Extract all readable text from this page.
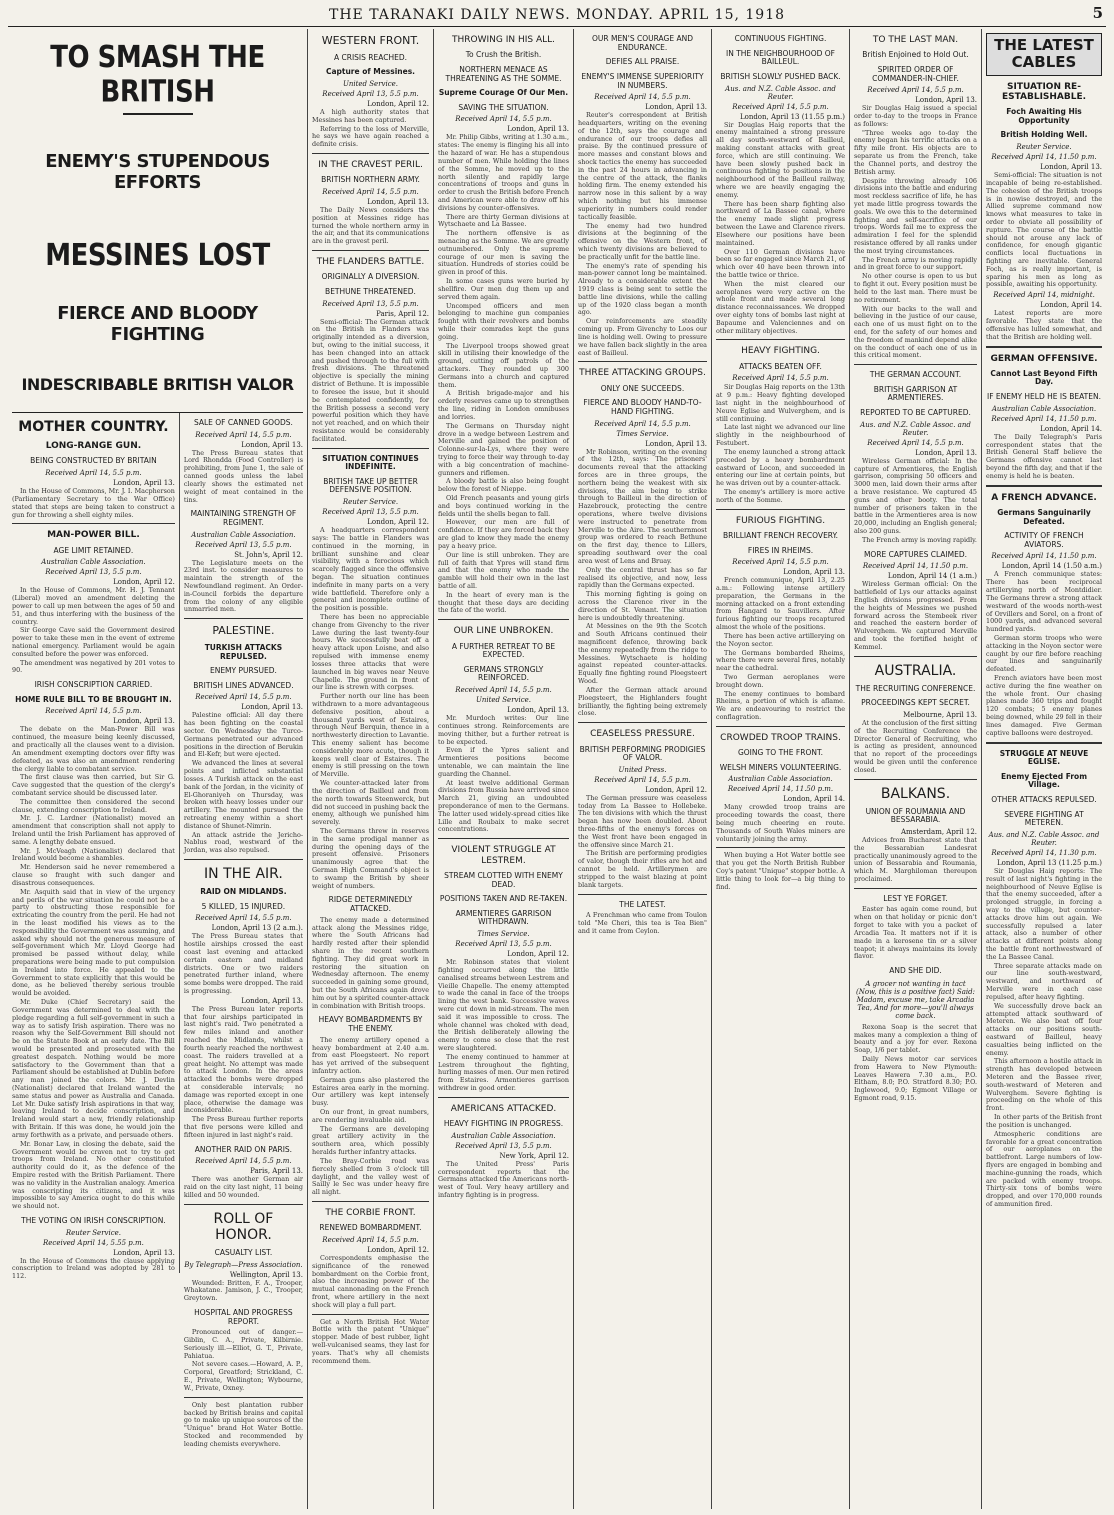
THE TARANAKI DAILY NEWS. MONDAY. APRIL 15, 1918	5
TO SMASH THE BRITISH
ENEMY'S STUPENDOUS EFFORTS
MESSINES LOST
FIERCE AND BLOODY FIGHTING
INDESCRIBABLE BRITISH VALOR
MOTHER COUNTRY.
LONG-RANGE GUN.
BEING CONSTRUCTED BY BRITAIN
Received April 14, 5.5 p.m.
London, April 13.

In the House of Commons, Mr. J. I. Macpherson (Parliamentary Secretary to the War Office) stated that steps are being taken to construct a gun for throwing a shell eighty miles.

MAN-POWER BILL.
AGE LIMIT RETAINED.
Australian Cable Association.
Received April 13, 5.5 p.m.
London, April 12.

In the House of Commons, Mr. H. J. Tennant (Liberal) moved an amendment deleting the power to call up men between the ages of 50 and 51, and thus interfering with the business of the country.

Sir George Cave said the Government desired power to take these men in the event of extreme national emergency. Parliament would be again consulted before the power was enforced.

The amendment was negatived by 201 votes to 90.

IRISH CONSCRIPTION CARRIED.
HOME RULE BILL TO BE BROUGHT IN.
Received April 14, 5.5 p.m.
London, April 13.

The debate on the Man-Power Bill was continued, the measure being keenly discussed, and practically all the clauses went to a division. An amendment exempting doctors over fifty was defeated, as was also an amendment rendering the clergy liable to combatant service.

The first clause was then carried, but Sir G. Cave suggested that the question of the clergy's combatant service should be discussed later.

The committee then considered the second clause, extending conscription to Ireland.

Mr. J. C. Lardner (Nationalist) moved an amendment that conscription shall not apply to Ireland until the Irish Parliament has approved of same. A lengthy debate ensued.

Mr. J. McVeagh (Nationalist) declared that Ireland would become a shambles.

Mr. Henderson said he never remembered a clause so fraught with such danger and disastrous consequences.

Mr. Asquith said that in view of the urgency and perils of the war situation he could not be a party to obstructing those responsible for extricating the country from the peril. He had not in the least modified his views as to the responsibility the Government was assuming, and asked why should not the generous measure of self-government which Mr. Lloyd George had promised be passed without delay, while preparations were being made to put compulsion in Ireland into force. He appealed to the Government to state explicitly that this would be done, as he believed thereby serious trouble would be avoided.

Mr. Duke (Chief Secretary) said the Government was determined to deal with the pledge regarding a full self-government in such a way as to satisfy Irish aspiration. There was no reason why the Self-Government Bill should not be on the Statute Book at an early date. The Bill would be presented and prosecuted with the greatest despatch. Nothing would be more satisfactory to the Government than that a Parliament should be established at Dublin before any man joined the colors. Mr. J. Devlin (Nationalist) declared that Ireland wanted the same status and power as Australia and Canada. Let Mr. Duke satisfy Irish aspirations in that way, leaving Ireland to decide conscription, and Ireland would start a new, friendly relationship with Britain. If this was done, he would join the army forthwith as a private, and persuade others.

Mr. Bonar Law, in closing the debate, said the Government would be craven not to try to get troops from Ireland. No other constituted authority could do it, as the defence of the Empire rested with the British Parliament. There was no validity in the Australian analogy. America was conscripting its citizens, and it was impossible to say America ought to do this while we should not.

THE VOTING ON IRISH CONSCRIPTION.
Reuter Service.
Received April 14, 5.55 p.m.
London, April 13.

In the House of Commons the clause applying conscription to Ireland was adopted by 281 to 112.

SALE OF CANNED GOODS.
Received April 14, 5.5 p.m.
London, April 13.

The Press Bureau states that Lord Rhondda (Food Controller) is prohibiting, from June 1, the sale of canned goods unless the label clearly shows the estimated net weight of meat contained in the tins.

MAINTAINING STRENGTH OF REGIMENT.
Australian Cable Association.
Received April 13, 5.5 p.m.
St. John's, April 12.

The Legislature meets on the 23rd inst. to consider measures to maintain the strength of the Newfoundland regiment. An Order-in-Council forbids the departure from the colony of any eligible unmarried men.

PALESTINE.
TURKISH ATTACKS REPULSED.
ENEMY PURSUED.
BRITISH LINES ADVANCED.
Received April 14, 5.5 p.m.
London, April 13.

Palestine official: All day there has been fighting on the coastal sector. On Wednesday the Turco-Germans penetrated our advanced positions in the direction of Berukin and El-Kefr, but were ejected.

We advanced the lines at several points and inflicted substantial losses. A Turkish attack on the east bank of the Jordan, in the vicinity of El-Ghoraniyeh on Thursday, was broken with heavy losses under our artillery. The mounted pursued the retreating enemy within a short distance of Shunet-Nimrin.

An attack astride the Jericho-Nablus road, westward of the Jordan, was also repulsed.

IN THE AIR.
RAID ON MIDLANDS.
5 KILLED, 15 INJURED.
Received April 14, 5.5 p.m.
London, April 13 (2 a.m.).

The Press Bureau states that hostile airships crossed the east coast last evening and attacked certain eastern and midland districts. One or two raiders penetrated further inland, where some bombs were dropped. The raid is progressing.

London, April 13.

The Press Bureau later reports that four airships participated in last night's raid. Two penetrated a few miles inland and another reached the Midlands, whilst a fourth nearly reached the northwest coast. The raiders travelled at a great height. No attempt was made to attack London. In the areas attacked the bombs were dropped at considerable intervals; no damage was reported except in one place, otherwise the damage was inconsiderable.

The Press Bureau further reports that five persons were killed and fifteen injured in last night's raid.

ANOTHER RAID ON PARIS.
Received April 14, 5.5 p.m.
Paris, April 13.

There was another German air raid on the city last night, 11 being killed and 50 wounded.

ROLL OF HONOR.
CASUALTY LIST.
By Telegraph—Press Association.
Wellington, April 13.

Wounded: Britten, F. A., Trooper, Whakatane. Jamison, J. C., Trooper, Greytown.

HOSPITAL AND PROGRESS REPORT.

Pronounced out of danger.—Giblin, C. A., Private, Kilbirnie. Seriously ill.—Elliot, G. T., Private, Pahiatua.

Not severe cases.—Howard, A. P., Corporal, Greatford; Strickland, C. E., Private, Wellington; Wybourne, W., Private, Oxney.

Only best plantation rubber backed by British brains and capital go to make up unique sources of the "Unique" brand Hot Water Bottle. Stocked and recommended by leading chemists everywhere.

WESTERN FRONT.
A CRISIS REACHED.
Capture of Messines.
United Service.
Received April 13, 5.5 p.m.
London, April 12.

A high authority states that Messines has been captured.

Referring to the loss of Merville, he says we have again reached a definite crisis.

IN THE CRAVEST PERIL.
BRITISH NORTHERN ARMY.
Received April 14, 5.5 p.m.
London, April 13.

The Daily News considers the position at Messines ridge has turned the whole northern army in the air, and that its communications are in the gravest peril.

THE FLANDERS BATTLE.
ORIGINALLY A DIVERSION.
BETHUNE THREATENED.
Received April 13, 5.5 p.m.
Paris, April 12.

Semi-official: The German attack on the British in Flanders was originally intended as a diversion, but, owing to the initial success, it has been changed into an attack and pushed through to the full with fresh divisions. The threatened objective is specially the mining district of Bethune. It is impossible to foresee the issue, but it should be contemplated confidently, for the British possess a second very powerful position which they have not yet reached, and on which their resistance would be considerably facilitated.

SITUATION CONTINUES INDEFINITE.
BRITISH TAKE UP BETTER DEFENSIVE POSITION.
Reuter Service.
Received April 13, 5.5 p.m.
London, April 12.

A headquarters correspondent says: The battle in Flanders was continued in the morning, in brilliant sunshine and clear visibility, with a ferocious which scarcely flagged since the offensive began. The situation continues indefinite in many parts on a very wide battlefield. Therefore only a general and incomplete outline of the position is possible.

There has been no appreciable change from Givenchy to the river Lawe during the last twenty-four hours. We successfully beat off a heavy attack upon Loisne, and also repulsed with immense enemy losses three attacks that were launched in big waves near Neuve Chapelle. The ground in front of our line is strewn with corpses.

Further north our line has been withdrawn to a more advantageous defensive position, about a thousand yards west of Estaires, through Neuf Berquin, thence in a northwesterly direction to Lavantie. This enemy salient has become considerably more acute, though it keeps well clear of Estaires. The enemy is still pressing on the town of Merville.

We counter-attacked later from the direction of Bailleul and from the north towards Steenwerck, but did not succeed in pushing back the enemy, although we punished him severely.

The Germans threw in reserves in the same prodigal manner as during the opening days of the present offensive. Prisoners unanimously agree that the German High Command's object is to swamp the British by sheer weight of numbers.

RIDGE DETERMINEDLY ATTACKED.

The enemy made a determined attack along the Messines ridge, where the South Africans had hardly rested after their splendid share in the recent southern fighting. They did great work in restoring the situation on Wednesday afternoon. The enemy succeeded in gaining some ground, but the South Africans again drove him out by a spirited counter-attack in combination with British troops.

HEAVY BOMBARDMENTS BY THE ENEMY.

The enemy artillery opened a heavy bombardment at 2.40 a.m. from east Ploegsteert. No report has yet arrived of the subsequent infantry action.

German guns also plastered the Estaires area early in the morning. Our artillery was kept intensely busy.

On our front, in great numbers, are rendering invaluable aid.

The Germans are developing great artillery activity in the southern area, which possibly heralds further infantry attacks.

The Bray-Corbie road was fiercely shelled from 3 o'clock till daylight, and the valley west of Sailly le Sec was under heavy fire all night.

THE CORBIE FRONT.
RENEWED BOMBARDMENT.
Received April 14, 5.5 p.m.
London, April 12.

Correspondents emphasise the significance of the renewed bombardment on the Corbie front, also the increasing power of the mutual cannonading on the French front, where artillery in the next shock will play a full part.

Get a North British Hot Water Bottle with the patent "Unique" stopper. Made of best rubber, light well-vulcanised seams, they last for years. That's why all chemists recommend them.

THROWING IN HIS ALL.
To Crush the British.
NORTHERN MENACE AS THREATENING AS THE SOMME.
Supreme Courage Of Our Men.
SAVING THE SITUATION.
Received April 14, 5.5 p.m.
London, April 13.

Mr. Philip Gibbs, writing at 1.30 a.m., states: The enemy is flinging his all into the hazard of war. He has a stupendous number of men. While holding the lines of the Somme, he moved up to the north silently and rapidly large concentrations of troops and guns in order to crush the British before French and American were able to draw off his divisions by counter-offensives.

There are thirty German divisions at Wytschaete and La Bassee.

The northern offensive is as menacing as the Somme. We are greatly outnumbered. Only the supreme courage of our men is saving the situation. Hundreds of stories could be given in proof of this.

In some cases guns were buried by shellfire. Our men dug them up and served them again.

Uncomped officers and men belonging to machine gun companies fought with their revolvers and bombs while their comrades kept the guns going.

The Liverpool troops showed great skill in utilising their knowledge of the ground, cutting off patrols of the attackers. They rounded up 300 Germans into a church and captured them.

A British brigade-major and his orderly reserves came up to strengthen the line, riding in London omnibuses and lorries.

The Germans on Thursday night drove in a wedge between Lestrem and Merville and gained the position of Colonne-sur-la-Lys, where they were trying to force their way through to-day with a big concentration of machine-gunners and riflemen.

A bloody battle is also being fought below the forest of Nieppe.

Old French peasants and young girls and boys continued working in the fields until the shells began to fall.

However, our men are full of confidence. If they are forced back they are glad to know they made the enemy pay a heavy price.

Our line is still unbroken. They are full of faith that Ypres will stand firm and that the enemy who made the gamble will hold their own in the last battle of all.

In the heart of every man is the thought that these days are deciding the fate of the world.

OUR LINE UNBROKEN.
A FURTHER RETREAT TO BE EXPECTED.
GERMANS STRONGLY REINFORCED.
Received April 14, 5.5 p.m.
United Service.
London, April 13.

Mr. Murdoch writes: Our line continues strong. Reinforcements are moving thither, but a further retreat is to be expected.

Even if the Ypres salient and Armentieres positions become untenable, we can maintain the line guarding the Channel.

At least twelve additional German divisions from Russia have arrived since March 21, giving an undoubted preponderance of men to the Germans. The latter used widely-spread cities like Lille and Roubaix to make secret concentrations.

VIOLENT STRUGGLE AT LESTREM.
STREAM CLOTTED WITH ENEMY DEAD.
POSITIONS TAKEN AND RE-TAKEN.
ARMENTIERES GARRISON WITHDRAWN.
Times Service.
Received April 13, 5.5 p.m.
London, April 12.

Mr. Robinson states that violent fighting occurred along the little canalised streams between Lestrem and Vieille Chapelle. The enemy attempted to wade the canal in face of the troops lining the west bank. Successive waves were cut down in mid-stream. The men said it was impossible to cross. The whole channel was choked with dead, the British deliberately allowing the enemy to come so close that the rest were slaughtered.

The enemy continued to hammer at Lestrem throughout the fighting, hurling masses of men. Our men retired from Estaires. Armentieres garrison withdrew in good order.

AMERICANS ATTACKED.
HEAVY FIGHTING IN PROGRESS.
Australian Cable Association.
Received April 13, 5.5 p.m.
New York, April 12.

The United Press' Paris correspondent reports that the Germans attacked the Americans north-west of Toul. Very heavy artillery and infantry fighting is in progress.

OUR MEN'S COURAGE AND ENDURANCE.
DEFIES ALL PRAISE.
ENEMY'S IMMENSE SUPERIORITY IN NUMBERS.
Received April 14, 5.5 p.m.
London, April 13.

Reuter's correspondent at British headquarters, writing on the evening of the 12th, says the courage and endurance of our troops defies all praise. By the continued pressure of more masses and constant blows and shock tactics the enemy has succeeded in the past 24 hours in advancing in the centre of the attack, the flanks holding firm. The enemy extended his narrow nose in this salient by a way which nothing but his immense superiority in numbers could render tactically feasible.

The enemy had two hundred divisions at the beginning of the offensive on the Western front, of which twenty divisions are believed to be practically unfit for the battle line.

The enemy's rate of spending his man-power cannot long be maintained. Already to a considerable extent the 1919 class is being sent to settle the battle line divisions, while the calling up of the 1920 class began a month ago.

Our reinforcements are steadily coming up. From Givenchy to Loos our line is holding well. Owing to pressure we have fallen back slightly in the area east of Bailleul.

THREE ATTACKING GROUPS.
ONLY ONE SUCCEEDS.
FIERCE AND BLOODY HAND-TO-HAND FIGHTING.
Received April 14, 5.5 p.m.
Times Service.
London, April 13.

Mr Robinson, writing on the evening of the 12th, says: The prisoners' documents reveal that the attacking forces are in three groups, the northern being the weakest with six divisions, the aim being to strike through to Bailleul in the direction of Hazebrouck, protecting the centre operations, where twelve divisions were instructed to penetrate from Merville to the Aire. The southernmost group was ordered to reach Bethune on the first day, thence to Lillers, spreading southward over the coal area west of Lens and Bruay.

Only the central thrust has so far realised its objective, and now, less rapidly than the Germans expected.

This morning fighting is going on across the Clarence river in the direction of St. Venant. The situation here is undoubtedly threatening.

At Messines on the 9th the Scotch and South Africans continued their magnificent defence, throwing back the enemy repeatedly from the ridge to Messines. Wytschaete is holding against repeated counter-attacks. Equally fine fighting round Ploegsteert Wood.

After the German attack around Ploegsteert, the Highlanders fought brilliantly, the fighting being extremely close.

CEASELESS PRESSURE.
BRITISH PERFORMING PRODIGIES OF VALOR.
United Press.
Received April 14, 5.5 p.m.
London, April 12.

The German pressure was ceaseless today from La Bassee to Hollebeke. The ten divisions with which the thrust began has now been doubled. About three-fifths of the enemy's forces on the West front have been engaged in the offensive since March 21.

The British are performing prodigies of valor, though their rifles are hot and cannot be held. Artillerymen are stripped to the waist blazing at point blank targets.

THE LATEST.

A Frenchman who came from Toulon told "Me Cheri, this tea is Tea Bien" and it came from Ceylon.

CONTINUOUS FIGHTING.
IN THE NEIGHBOURHOOD OF BAILLEUL.
BRITISH SLOWLY PUSHED BACK.
Aus. and N.Z. Cable Assoc. and Reuter.
Received April 14, 5.5 p.m.
London, April 13 (11.55 p.m.)

Sir Douglas Haig reports that the enemy maintained a strong pressure all day south-westward of Bailleul, making constant attacks with great force, which are still continuing. We have been slowly pushed back in continuous fighting to positions in the neighbourhood of the Bailleul railway, where we are heavily engaging the enemy.

There has been sharp fighting also northward of La Bassee canal, where the enemy made slight progress between the Lawe and Clarence rivers. Elsewhere our positions have been maintained.

Over 110 German divisions have been so far engaged since March 21, of which over 40 have been thrown into the battle twice or thrice.

When the mist cleared our aeroplanes were very active on the whole front and made several long distance reconnaissances. We dropped over eighty tons of bombs last night at Bapaume and Valenciennes and on other military objectives.

HEAVY FIGHTING.
ATTACKS BEATEN OFF.
Received April 14, 5.5 p.m.

Sir Douglas Haig reports on the 13th at 9 p.m.: Heavy fighting developed last night in the neighbourhood of Neuve Eglise and Wulverghem, and is still continuing.

Late last night we advanced our line slightly in the neighbourhood of Festubert.

The enemy launched a strong attack preceded by a heavy bombardment eastward of Locon, and succeeded in entering our line at certain points, but he was driven out by a counter-attack.

The enemy's artillery is more active north of the Somme.

FURIOUS FIGHTING.
BRILLIANT FRENCH RECOVERY.
FIRES IN RHEIMS.
Received April 14, 5.5 p.m.
London, April 13.

French communique, April 13, 2.25 a.m.: Following intense artillery preparation, the Germans in the morning attacked on a front extending from Hangard to Sauvillers. After furious fighting our troops recaptured almost the whole of the positions.

There has been active artillerying on the Noyon sector.

The Germans bombarded Rheims, where there were several fires, notably near the cathedral.

Two German aeroplanes were brought down.

The enemy continues to bombard Rheims, a portion of which is aflame. We are endeavouring to restrict the conflagration.

CROWDED TROOP TRAINS.
GOING TO THE FRONT.
WELSH MINERS VOLUNTEERING.
Australian Cable Association.
Received April 14, 11.50 p.m.
London, April 14.

Many crowded troop trains are proceeding towards the coast, there being much cheering en route. Thousands of South Wales miners are voluntarily joining the army.

When buying a Hot Water bottle see that you get the North British Rubber Coy's patent "Unique" stopper bottle. A little thing to look for—a big thing to find.

TO THE LAST MAN.
British Enjoined to Hold Out.
SPIRITED ORDER OF COMMANDER-IN-CHIEF.
Received April 14, 5.5 p.m.
London, April 13.

Sir Douglas Haig issued a special order to-day to the troops in France as follows:

"Three weeks ago to-day the enemy began his terrific attacks on a fifty mile front. His objects are to separate us from the French, take the Channel ports, and destroy the British army.

Despite throwing already 106 divisions into the battle and enduring most reckless sacrifice of life, he has yet made little progress towards the goals. We owe this to the determined fighting and self-sacrifice of our troops. Words fail me to express the admiration I feel for the splendid resistance offered by all ranks under the most trying circumstances.

The French army is moving rapidly and in great force to our support.

No other course is open to us but to fight it out. Every position must be held to the last man. There must be no retirement.

With our backs to the wall and believing in the justice of our cause, each one of us must fight on to the end, for the safety of our homes and the freedom of mankind depend alike on the conduct of each one of us in this critical moment.

THE GERMAN ACCOUNT.
BRITISH GARRISON AT ARMENTIERES.
REPORTED TO BE CAPTURED.
Aus. and N.Z. Cable Assoc. and Reuter.
Received April 14, 5.5 p.m.
London, April 13.

Wireless German official: In the capture of Armentieres, the English garrison, comprising 50 officers and 3000 men, laid down their arms after a brave resistance. We captured 45 guns and other booty. The total number of prisoners taken in the battle in the Armentieres area is now 20,000, including an English general; also 200 guns.

The French army is moving rapidly.

MORE CAPTURES CLAIMED.
Received April 14, 11.50 p.m.
London, April 14 (1 a.m.)

Wireless German official: On the battlefield of Lys our attacks against English divisions progressed. From the heights of Messines we pushed forward across the Stembeek river and reached the eastern border of Wulverghem. We captured Merville and took the fortified height of Kemmel.

AUSTRALIA.
THE RECRUITING CONFERENCE.
PROCEEDINGS KEPT SECRET.
Melbourne, April 13.

At the conclusion of the first sitting of the Recruiting Conference the Director General of Recruiting, who is acting as president, announced that no report of the proceedings would be given until the conference closed.

BALKANS.
UNION OF ROUMANIA AND BESSARABIA.
Amsterdam, April 12.

Advices from Bucharest state that the Bessarabian Landesrat practically unanimously agreed to the union of Bessarabia and Roumania, which M. Marghiloman thereupon proclaimed.

LEST YE FORGET.

Easter has again come round, but when on that holiday or picnic don't forget to take with you a packet of Arcadia Tea. It matters not if it is made in a kerosene tin or a silver teapot; it always maintains its lovely flavor.

AND SHE DID.
A grocer not wanting in tact (Now, this is a positive fact) Said: Madam, excuse me, take Arcadia Tea, And for more—you'll always come back.

Rexona Soap is the secret that makes many a complexion a thing of beauty and a joy for ever. Rexona Soap, 1/6 per tablet.

Daily News motor car services from Hawera to New Plymouth: Leaves Hawera 7.30 a.m., P.O. Eltham, 8.0; P.O. Stratford 8.30; P.O. Inglewood, 9.0; Egmont Village or Egmont road, 9.15.

THE LATEST CABLES
SITUATION RE-ESTABLISHABLE.
Foch Awaiting His Opportunity
British Holding Well.
Reuter Service.
Received April 14, 11.50 p.m.
London, April 13.

Semi-official: The situation is not incapable of being re-established. The cohesion of the British troops is in nowise destroyed, and the Allied supreme command now knows what measures to take in order to obviate all possibility of rupture. The course of the battle should not arouse any lack of confidence, for enough gigantic conflicts local fluctuations in fighting are inevitable. General Foch, as is really important, is sparing his men as long as possible, awaiting his opportunity.

Received April 14, midnight.
London, April 14.

Latest reports are more favorable. They state that the offensive has lulled somewhat, and that the British are holding well.

GERMAN OFFENSIVE.
Cannot Last Beyond Fifth Day.
IF ENEMY HELD HE IS BEATEN.
Australian Cable Association.
Received April 14, 11.50 p.m.
London, April 14.

The Daily Telegraph's Paris correspondent states that the British General Staff believe the Germans offensive cannot last beyond the fifth day, and that if the enemy is held he is beaten.

A FRENCH ADVANCE.
Germans Sanguinarily Defeated.
ACTIVITY OF FRENCH AVIATORS.
Received April 14, 11.50 p.m.
London, April 14 (1.50 a.m.)

A French communique states: There has been reciprocal artillerying north of Montdidier. The Germans threw a strong attack westward of the woods north-west of Orvillers and Sorel, on a front of 1000 yards, and advanced several hundred yards.

German storm troops who were attacking in the Noyon sector were caught by our fire before reaching our lines and sanguinarily defeated.

French aviators have been most active during the fine weather on the whole front. Our chasing planes made 360 trips and fought 120 combats; 5 enemy planes being downed, while 29 fell in their lines damaged. Five German captive balloons were destroyed.

STRUGGLE AT NEUVE EGLISE.
Enemy Ejected From Village.
OTHER ATTACKS REPULSED.
SEVERE FIGHTING AT METEREN.
Aus. and N.Z. Cable Assoc. and Reuter.
Received April 14, 11.30 p.m.
London, April 13 (11.25 p.m.)

Sir Douglas Haig reports: The result of last night's fighting in the neighbourhood of Neuve Eglise is that the enemy succeeded, after a prolonged struggle, in forcing a way to the village, but counter-attacks drove him out again. We successfully repulsed a later attack, also a number of other attacks at different points along the battle front northwestward of the La Bassee Canal.

Three separate attacks made on our line south-westward, westward, and northward of Merville were in each case repulsed, after heavy fighting.

We successfully drove back an attempted attack southward of Meteren. We also beat off four attacks on our positions south-eastward of Bailleul, heavy casualties being inflicted on the enemy.

This afternoon a hostile attack in strength has developed between Meteren and the Bassee river, south-westward of Meteren and Wulverghem. Severe fighting is proceeding on the whole of this front.

In other parts of the British front the position is unchanged.

Atmospheric conditions are favorable for a great concentration of our aeroplanes on the battlefront. Large numbers of low-flyers are engaged in bombing and machine-gunning the roads, which are packed with enemy troops. Thirty-six tons of bombs were dropped, and over 170,000 rounds of ammunition fired.
